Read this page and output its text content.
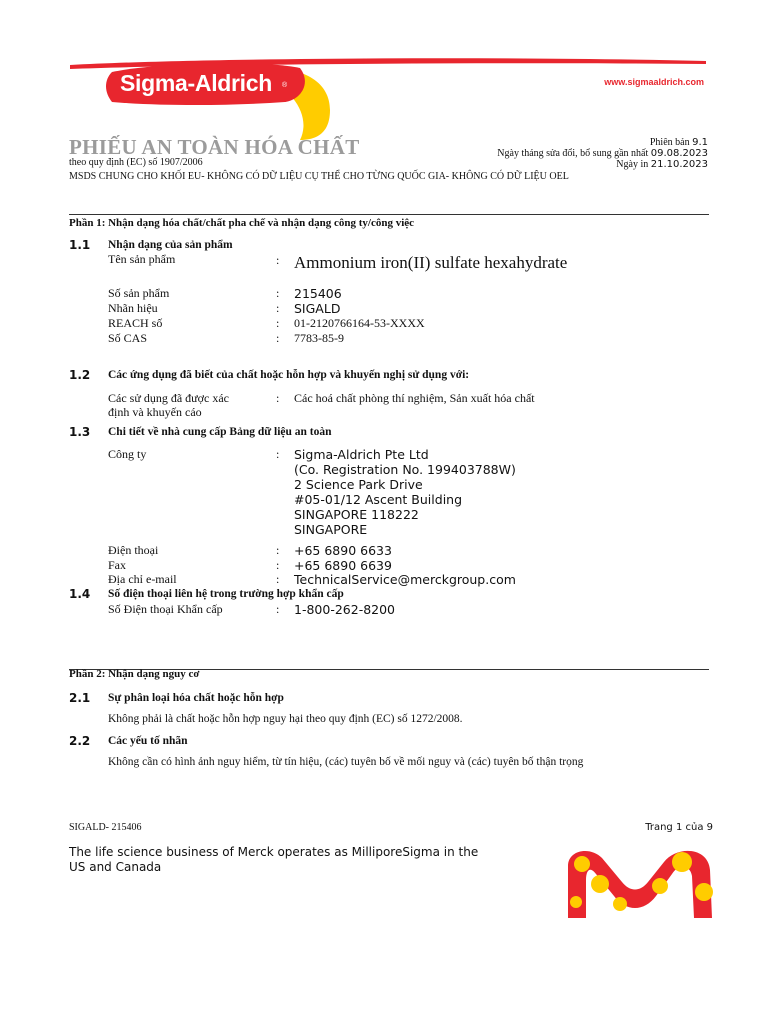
Sigma-Aldrich ®	www.sigmaaldrich.com
PHIẾU AN TOÀN HÓA CHẤT
theo quy định (EC) số 1907/2006
MSDS CHUNG CHO KHỐI EU- KHÔNG CÓ DỮ LIỆU CỤ THỂ CHO TỪNG QUỐC GIA- KHÔNG CÓ DỮ LIỆU OEL
Phiên bản 9.1
Ngày tháng sửa đổi, bổ sung gần nhất 09.08.2023
Ngày in 21.10.2023
Phần 1: Nhận dạng hóa chất/chất pha chế và nhận dạng công ty/công việc
1.1 Nhận dạng của sản phẩm
Tên sản phẩm	: Ammonium iron(II) sulfate hexahydrate
Số sản phẩm	: 215406
Nhãn hiệu	: SIGALD
REACH số	: 01-2120766164-53-XXXX
Số CAS	: 7783-85-9
1.2 Các ứng dụng đã biết của chất hoặc hỗn hợp và khuyến nghị sử dụng với:
Các sử dụng đã được xác
định và khuyến cáo
: Các hoá chất phòng thí nghiệm, Sản xuất hóa chất
1.3 Chi tiết về nhà cung cấp Bảng dữ liệu an toàn
Công ty	: Sigma-Aldrich Pte Ltd
(Co. Registration No. 199403788W)
2 Science Park Drive
#05-01/12 Ascent Building
SINGAPORE 118222
SINGAPORE
Điện thoại	: +65 6890 6633
Fax	: +65 6890 6639
Địa chỉ e-mail	: TechnicalService@merckgroup.com
1.4 Số điện thoại liên hệ trong trường hợp khẩn cấp
Số Điện thoại Khẩn cấp	: 1-800-262-8200
Phần 2: Nhận dạng nguy cơ
2.1 Sự phân loại hóa chất hoặc hỗn hợp
Không phải là chất hoặc hỗn hợp nguy hại theo quy định (EC) số 1272/2008.
2.2 Các yếu tố nhãn
Không cần có hình ảnh nguy hiểm, từ tín hiệu, (các) tuyên bố về mối nguy và (các) tuyên bố thận trọng
SIGALD- 215406	Trang 1 của 9
The life science business of Merck operates as MilliporeSigma in the US and Canada
